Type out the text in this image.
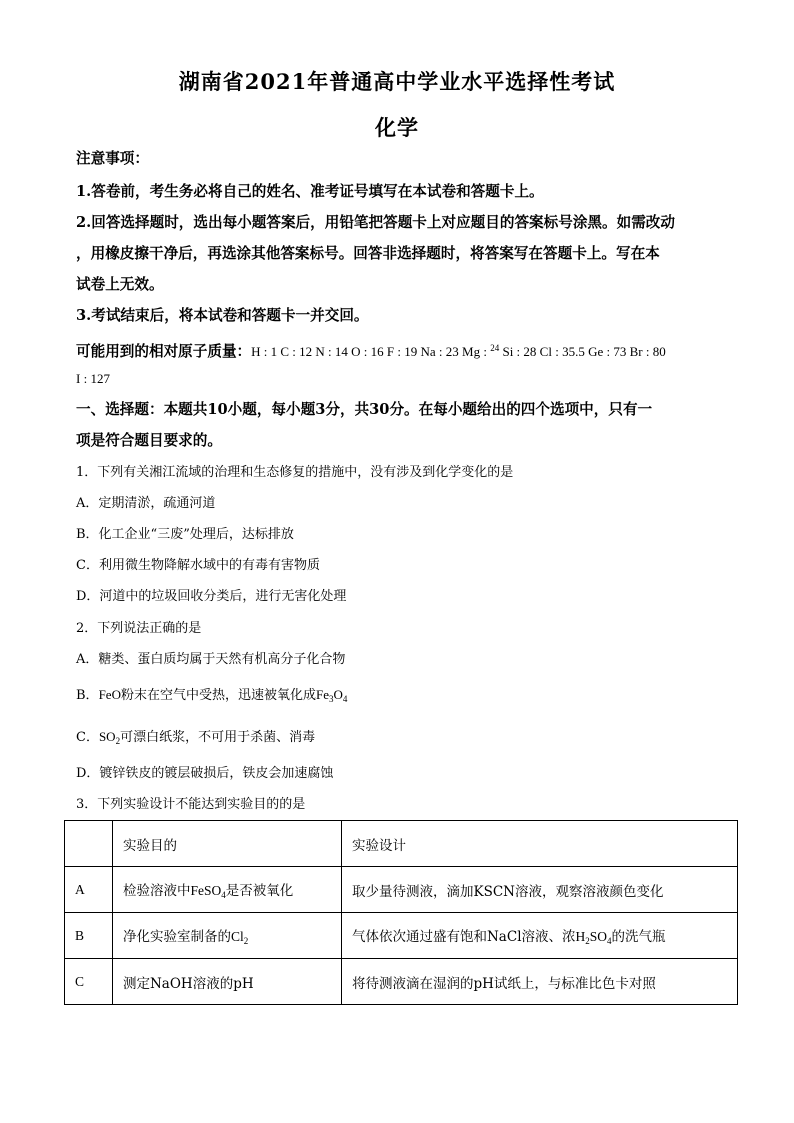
湖南省2021年普通高中学业水平选择性考试
化学
注意事项：
1.答卷前，考生务必将自己的姓名、准考证号填写在本试卷和答题卡上。
2.回答选择题时，选出每小题答案后，用铅笔把答题卡上对应题目的答案标号涂黑。如需改动
，用橡皮擦干净后，再选涂其他答案标号。回答非选择题时，将答案写在答题卡上。写在本
试卷上无效。
3.考试结束后，将本试卷和答题卡一并交回。
可能用到的相对原子质量：H : 1 C : 12 N : 14 O : 16 F : 19 Na : 23 Mg : $^{24}$ Si : 28 Cl : 35.5 Ge : 73 Br : 80
I : 127
一、选择题：本题共10小题，每小题3分，共30分。在每小题给出的四个选项中，只有一
项是符合题目要求的。
1．下列有关湘江流域的治理和生态修复的措施中，没有涉及到化学变化的是
A．定期清淤，疏通河道
B．化工企业“三废”处理后，达标排放
C．利用微生物降解水域中的有毒有害物质
D．河道中的垃圾回收分类后，进行无害化处理
2．下列说法正确的是
A．糖类、蛋白质均属于天然有机高分子化合物
B．FeO粉末在空气中受热，迅速被氧化成$Fe_3O_4$
C．$SO_2$可漂白纸浆，不可用于杀菌、消毒
D．镀锌铁皮的镀层破损后，铁皮会加速腐蚀
3．下列实验设计不能达到实验目的的是
	实验目的	实验设计
A	检验溶液中FeSO$_4$是否被氧化	取少量待测液，滴加KSCN溶液，观察溶液颜色变化
B	净化实验室制备的$Cl_2$	气体依次通过盛有饱和NaCl溶液、浓$H_2SO_4$的洗气瓶
C	测定NaOH溶液的pH	将待测液滴在湿润的pH试纸上，与标准比色卡对照
